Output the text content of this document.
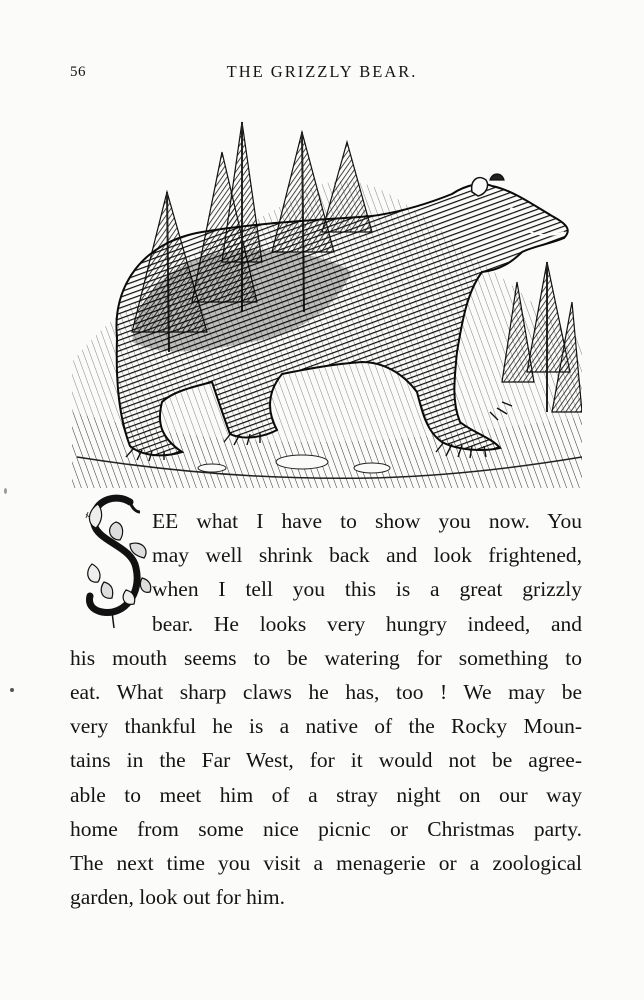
56	THE GRIZZLY BEAR.
EE what I have to show you now. You
may well shrink back and look frightened,
when I tell you this is a great grizzly
bear. He looks very hungry indeed, and
his mouth seems to be watering for something to
eat. What sharp claws he has, too ! We may be
very thankful he is a native of the Rocky Moun-
tains in the Far West, for it would not be agree-
able to meet him of a stray night on our way
home from some nice picnic or Christmas party.
The next time you visit a menagerie or a zoological
garden, look out for him.
